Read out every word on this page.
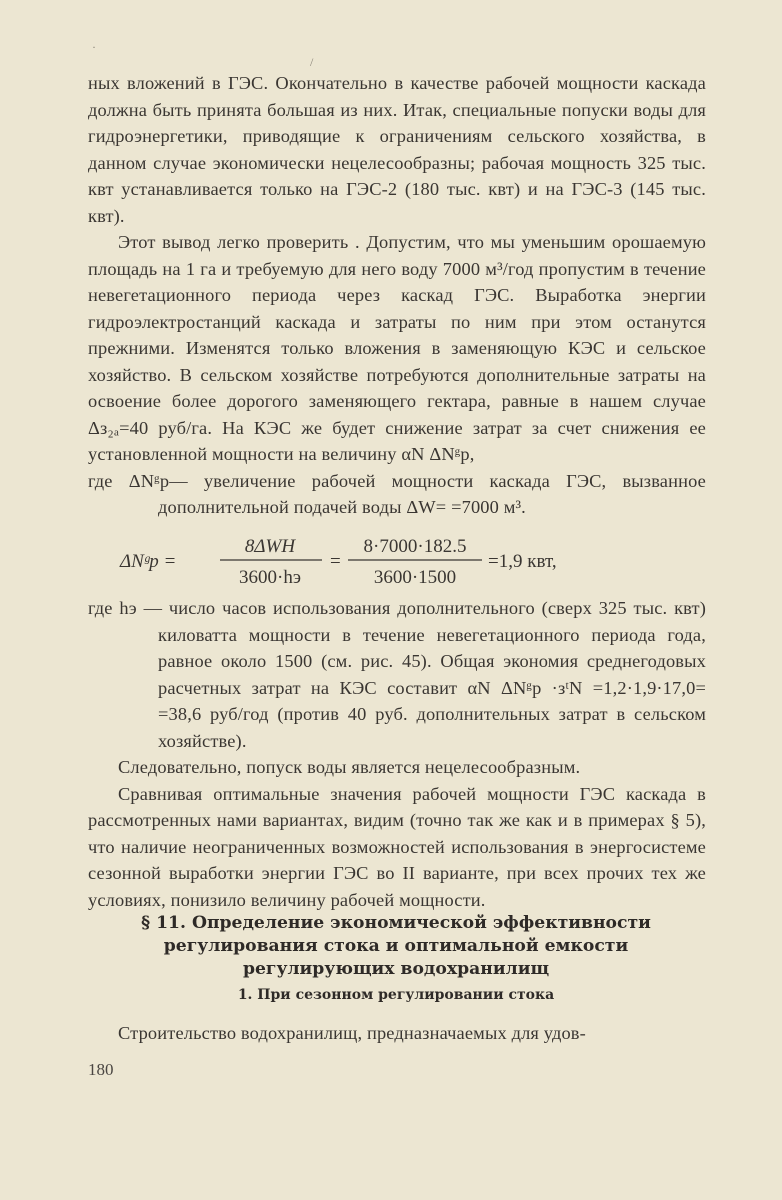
·
/

ных вложений в ГЭС. Окончательно в качестве рабочей мощности каскада должна быть принята большая из них. Итак, специальные попуски воды для гидроэнергетики, приводящие к ограничениям сельского хозяйства, в данном случае экономически нецелесообразны; рабочая мощность 325 тыс. квт устанавливается только на ГЭС-2 (180 тыс. квт) и на ГЭС-3 (145 тыс. квт).

Этот вывод легко проверить . Допустим, что мы уменьшим орошаемую площадь на 1 га и требуемую для него воду 7000 м³/год пропустим в течение невегетационного периода через каскад ГЭС. Выработка энергии гидроэлектростанций каскада и затраты по ним при этом останутся прежними. Изменятся только вложения в заменяющую КЭС и сельское хозяйство. В сельском хозяйстве потребуются дополнительные затраты на освоение более дорогого заменяющего гектара, равные в нашем случае Δз₂ₐ=40 руб/га. На КЭС же будет снижение затрат за счет снижения ее установленной мощности на величину αN ΔNᵍр,

где ΔNᵍр— увеличение рабочей мощности каскада ГЭС, вызванное дополнительной подачей воды ΔW= =7000 м³.

ΔNᵍp =
8ΔWH
3600·hэ
=
8·7000·182.5
3600·1500
=1,9 квт,

где hэ — число часов использования дополнительного (сверх 325 тыс. квт) киловатта мощности в течение невегетационного периода года, равное около 1500 (см. рис. 45). Общая экономия среднегодовых расчетных затрат на КЭС составит αN ΔNᵍp ·зᵗN =1,2·1,9·17,0= =38,6 руб/год (против 40 руб. дополнительных затрат в сельском хозяйстве).

Следовательно, попуск воды является нецелесообразным.

Сравнивая оптимальные значения рабочей мощности ГЭС каскада в рассмотренных нами вариантах, видим (точно так же как и в примерах § 5), что наличие неограниченных возможностей использования в энергосистеме сезонной выработки энергии ГЭС во II варианте, при всех прочих тех же условиях, понизило величину рабочей мощности.

§ 11. Определение экономической эффективности регулирования стока и оптимальной емкости регулирующих водохранилищ
1. При сезонном регулировании стока

Строительство водохранилищ, предназначаемых для удов-

180
